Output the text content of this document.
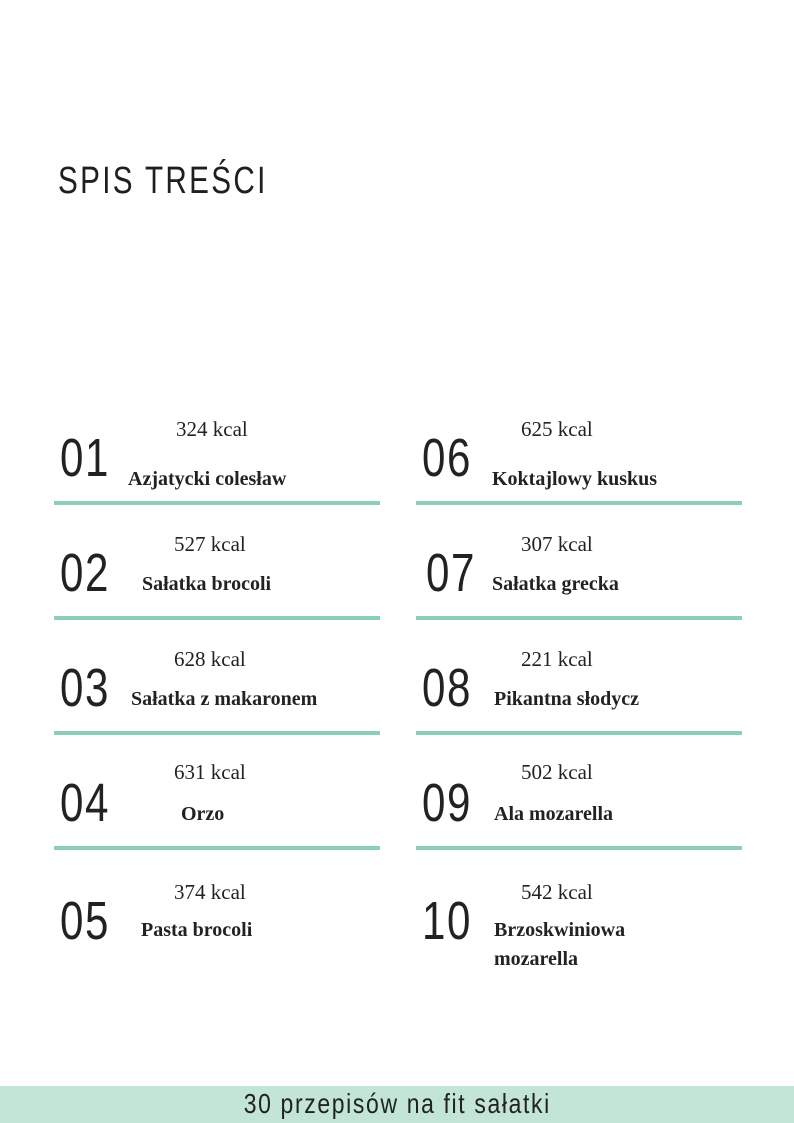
SPIS TREŚCI
01	324 kcal
Azjatycki colesław
02	527 kcal
Sałatka brocoli
03	628 kcal
Sałatka z makaronem
04
631 kcal
Orzo
05	374 kcal
Pasta brocoli
06 625 kcal
Koktajlowy kuskus
07 307 kcal
Sałatka grecka
08 221 kcal
Pikantna słodycz
09
502 kcal
Ala mozarella
10 542 kcal
Brzoskwiniowa mozarella
30 przepisów na fit sałatki
